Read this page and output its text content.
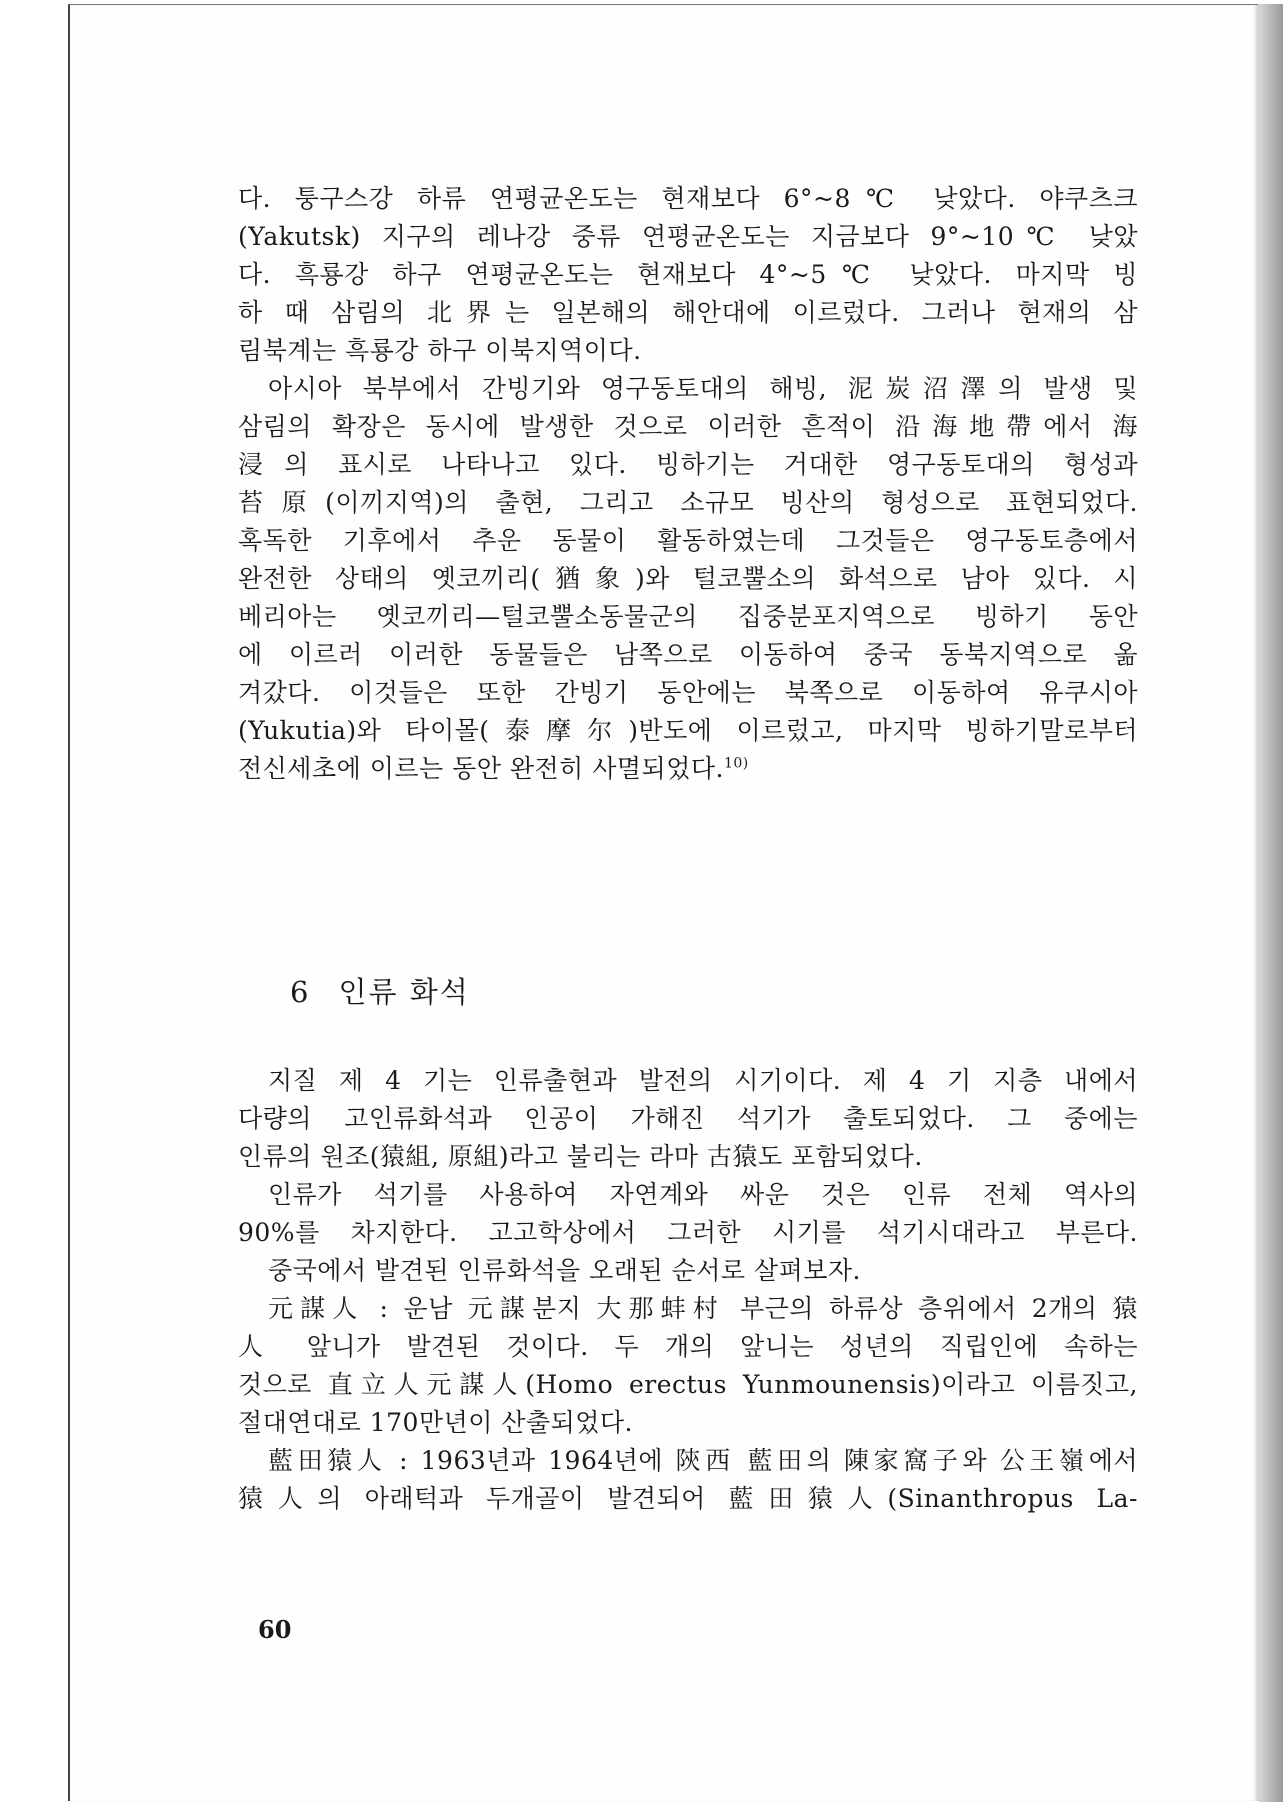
다. 퉁구스강 하류 연평균온도는 현재보다 6°~8℃ 낮았다. 야쿠츠크
(Yakutsk) 지구의 레나강 중류 연평균온도는 지금보다 9°~10℃ 낮았
다. 흑룡강 하구 연평균온도는 현재보다 4°~5℃ 낮았다. 마지막 빙
하 때 삼림의 北界는 일본해의 해안대에 이르렀다. 그러나 현재의 삼
림북계는 흑룡강 하구 이북지역이다.
아시아 북부에서 간빙기와 영구동토대의 해빙, 泥炭沼澤의 발생 및
삼림의 확장은 동시에 발생한 것으로 이러한 흔적이 沿海地帶에서 海
浸의 표시로 나타나고 있다. 빙하기는 거대한 영구동토대의 형성과
苔原(이끼지역)의 출현, 그리고 소규모 빙산의 형성으로 표현되었다.
혹독한 기후에서 추운 동물이 활동하였는데 그것들은 영구동토층에서
완전한 상태의 옛코끼리(猶象)와 털코뿔소의 화석으로 남아 있다. 시
베리아는 옛코끼리—털코뿔소동물군의 집중분포지역으로 빙하기 동안
에 이르러 이러한 동물들은 남쪽으로 이동하여 중국 동북지역으로 옮
겨갔다. 이것들은 또한 간빙기 동안에는 북쪽으로 이동하여 유쿠시아
(Yukutia)와 타이몰(泰摩尔)반도에 이르렀고, 마지막 빙하기말로부터
전신세초에 이르는 동안 완전히 사멸되었다.$^{10)}$
6 인류 화석
지질 제 4 기는 인류출현과 발전의 시기이다. 제 4 기 지층 내에서
다량의 고인류화석과 인공이 가해진 석기가 출토되었다. 그 중에는
인류의 원조(猿組, 原組)라고 불리는 라마 古猿도 포함되었다.
인류가 석기를 사용하여 자연계와 싸운 것은 인류 전체 역사의
90%를 차지한다. 고고학상에서 그러한 시기를 석기시대라고 부른다.
중국에서 발견된 인류화석을 오래된 순서로 살펴보자.
元謀人 : 운남 元謀분지 大那蚌村 부근의 하류상 층위에서 2개의 猿
人 앞니가 발견된 것이다. 두 개의 앞니는 성년의 직립인에 속하는
것으로 直立人元謀人(Homo erectus Yunmounensis)이라고 이름짓고,
절대연대로 170만년이 산출되었다.
藍田猿人 : 1963년과 1964년에 陝西 藍田의 陳家窩子와 公王嶺에서
猿人의 아래턱과 두개골이 발견되어 藍田猿人(Sinanthropus La-
60
